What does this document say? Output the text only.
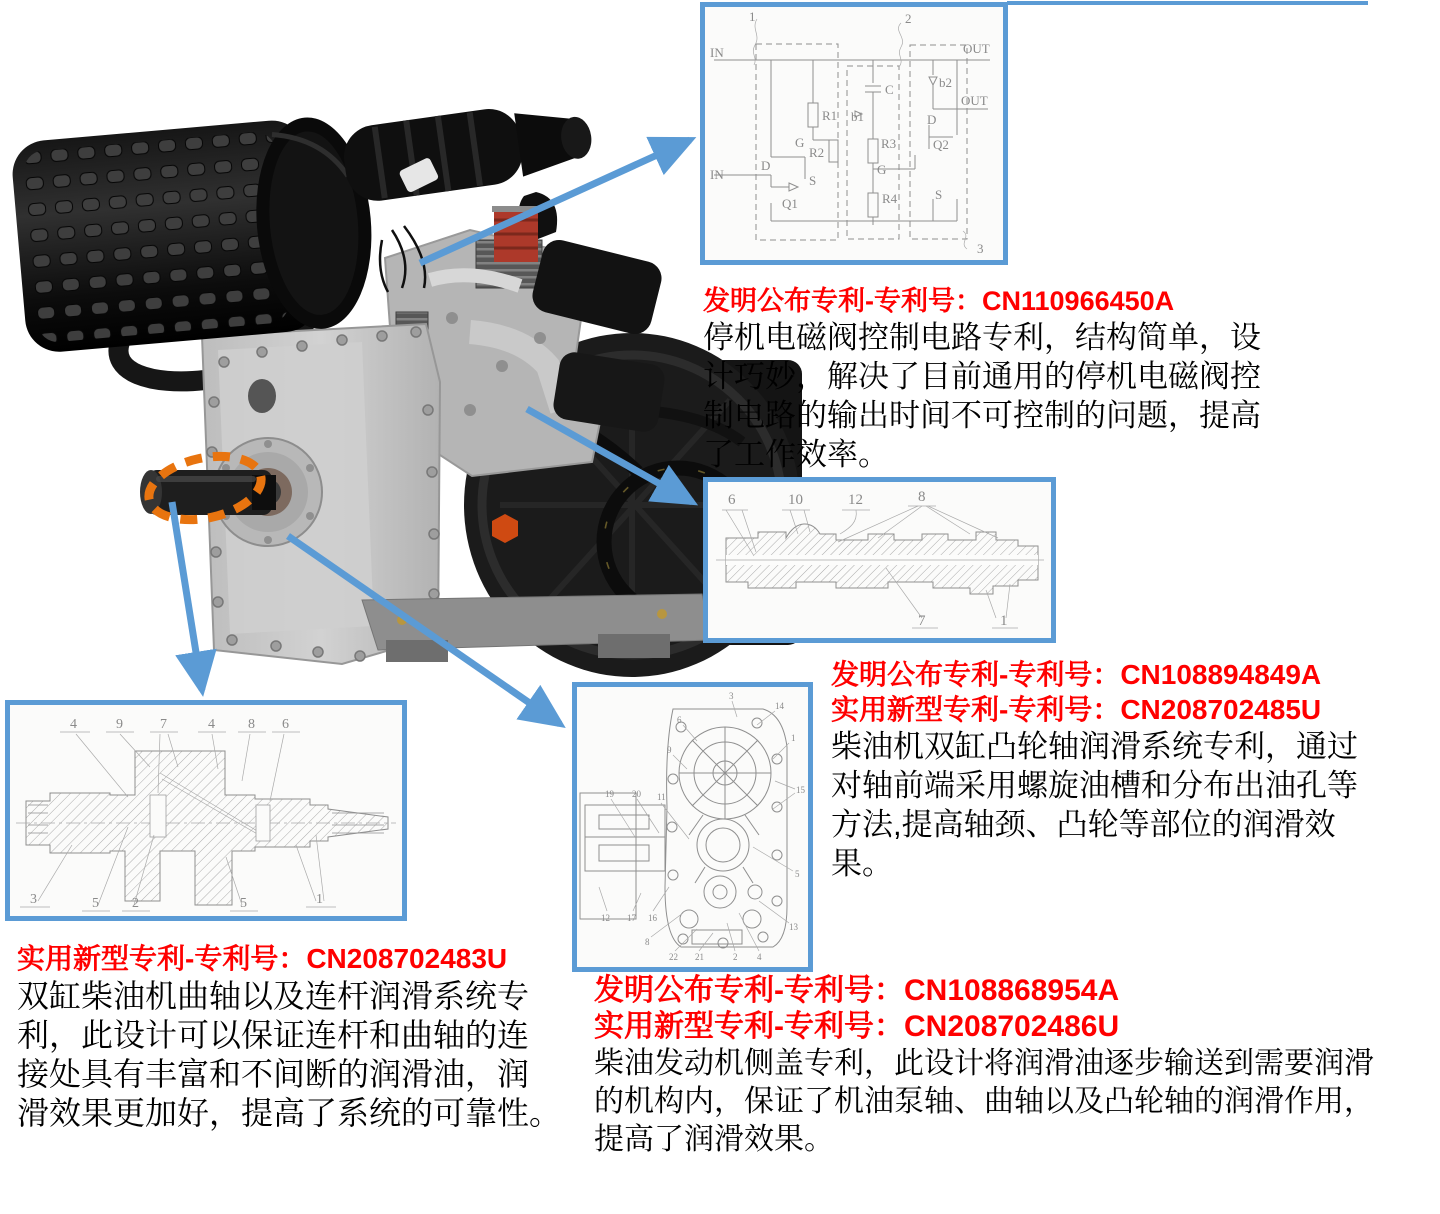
IN	OUT
1	2
3
C	b2
R1 b1
OUT
D
G	R3	Q2
R2
IN
D
S
G
Q1	R4	S
6	10	12	8
7	1
4	9	7	4 8 6
3	5 2	5	1
3
14
6
9
1
15
19 20 11
5
12 17 16
8
22 21	2 4
13
发明公布专利-专利号：CN110966450A
停机电磁阀控制电路专利，结构简单，设
计巧妙，解决了目前通用的停机电磁阀控
制电路的输出时间不可控制的问题，提高
了工作效率。
发明公布专利-专利号：CN108894849A
实用新型专利-专利号：CN208702485U
柴油机双缸凸轮轴润滑系统专利，通过
对轴前端采用螺旋油槽和分布出油孔等
方法,提高轴颈、凸轮等部位的润滑效
果。
实用新型专利-专利号：CN208702483U
双缸柴油机曲轴以及连杆润滑系统专
利，此设计可以保证连杆和曲轴的连
接处具有丰富和不间断的润滑油，润
滑效果更加好，提高了系统的可靠性。
发明公布专利-专利号：CN108868954A
实用新型专利-专利号：CN208702486U
柴油发动机侧盖专利，此设计将润滑油逐步输送到需要润滑
的机构内，保证了机油泵轴、曲轴以及凸轮轴的润滑作用，
提高了润滑效果。
